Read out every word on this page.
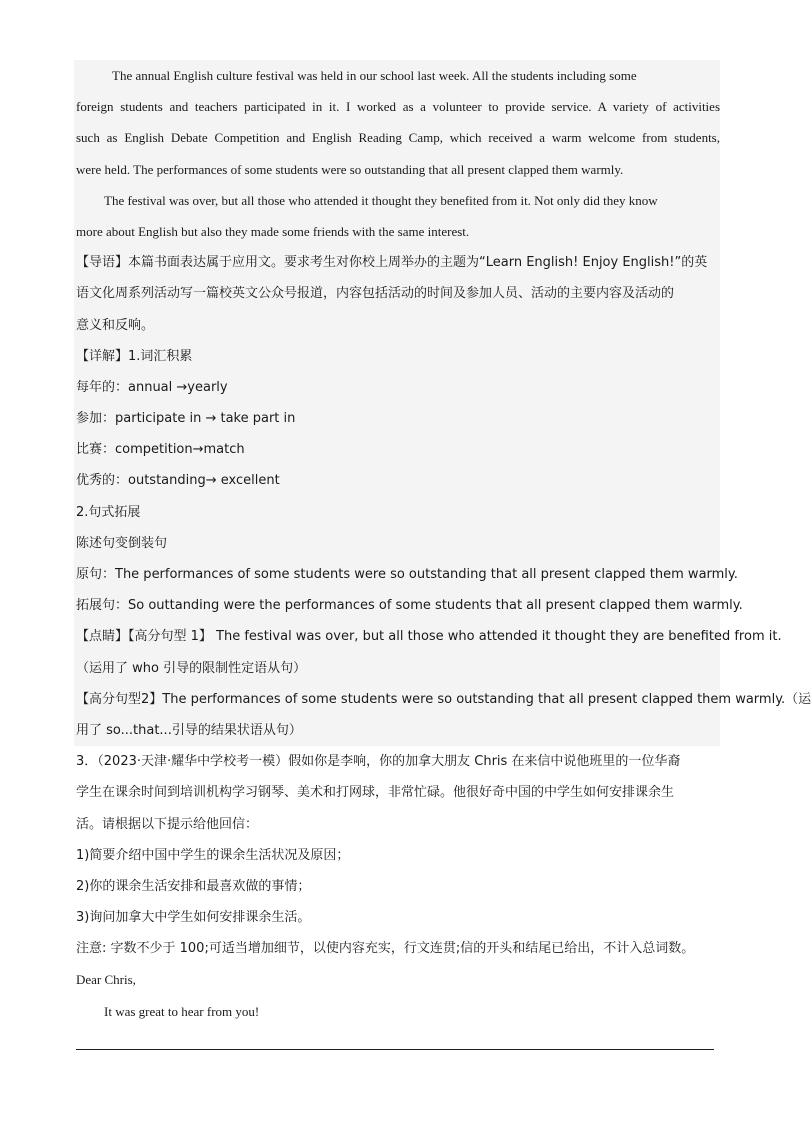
The annual English culture festival was held in our school last week. All the students including some
foreign students and teachers participated in it. I worked as a volunteer to provide service. A variety of activities
such as English Debate Competition and English Reading Camp, which received a warm welcome from students,
were held. The performances of some students were so outstanding that all present clapped them warmly.
The festival was over, but all those who attended it thought they benefited from it. Not only did they know
more about English but also they made some friends with the same interest.
【导语】本篇书面表达属于应用文。要求考生对你校上周举办的主题为“Learn English! Enjoy English!”的英
语文化周系列活动写一篇校英文公众号报道，内容包括活动的时间及参加人员、活动的主要内容及活动的
意义和反响。
【详解】1.词汇积累
每年的：annual →yearly
参加：participate in → take part in
比赛：competition→match
优秀的：outstanding→ excellent
2.句式拓展
陈述句变倒装句
原句：The performances of some students were so outstanding that all present clapped them warmly.
拓展句：So outtanding were the performances of some students that all present clapped them warmly.
【点睛】【高分句型 1】 The festival was over, but all those who attended it thought they are benefited from it.
（运用了 who 引导的限制性定语从句）
【高分句型2】The performances of some students were so outstanding that all present clapped them warmly.（运
用了 so...that...引导的结果状语从句）
3．（2023·天津·耀华中学校考一模）假如你是李响，你的加拿大朋友 Chris 在来信中说他班里的一位华裔
学生在课余时间到培训机构学习钢琴、美术和打网球，非常忙碌。他很好奇中国的中学生如何安排课余生
活。请根据以下提示给他回信：
1)简要介绍中国中学生的课余生活状况及原因；
2)你的课余生活安排和最喜欢做的事情；
3)询问加拿大中学生如何安排课余生活。
注意: 字数不少于 100;可适当增加细节，以使内容充实，行文连贯;信的开头和结尾已给出，不计入总词数。
Dear Chris,
It was great to hear from you!
